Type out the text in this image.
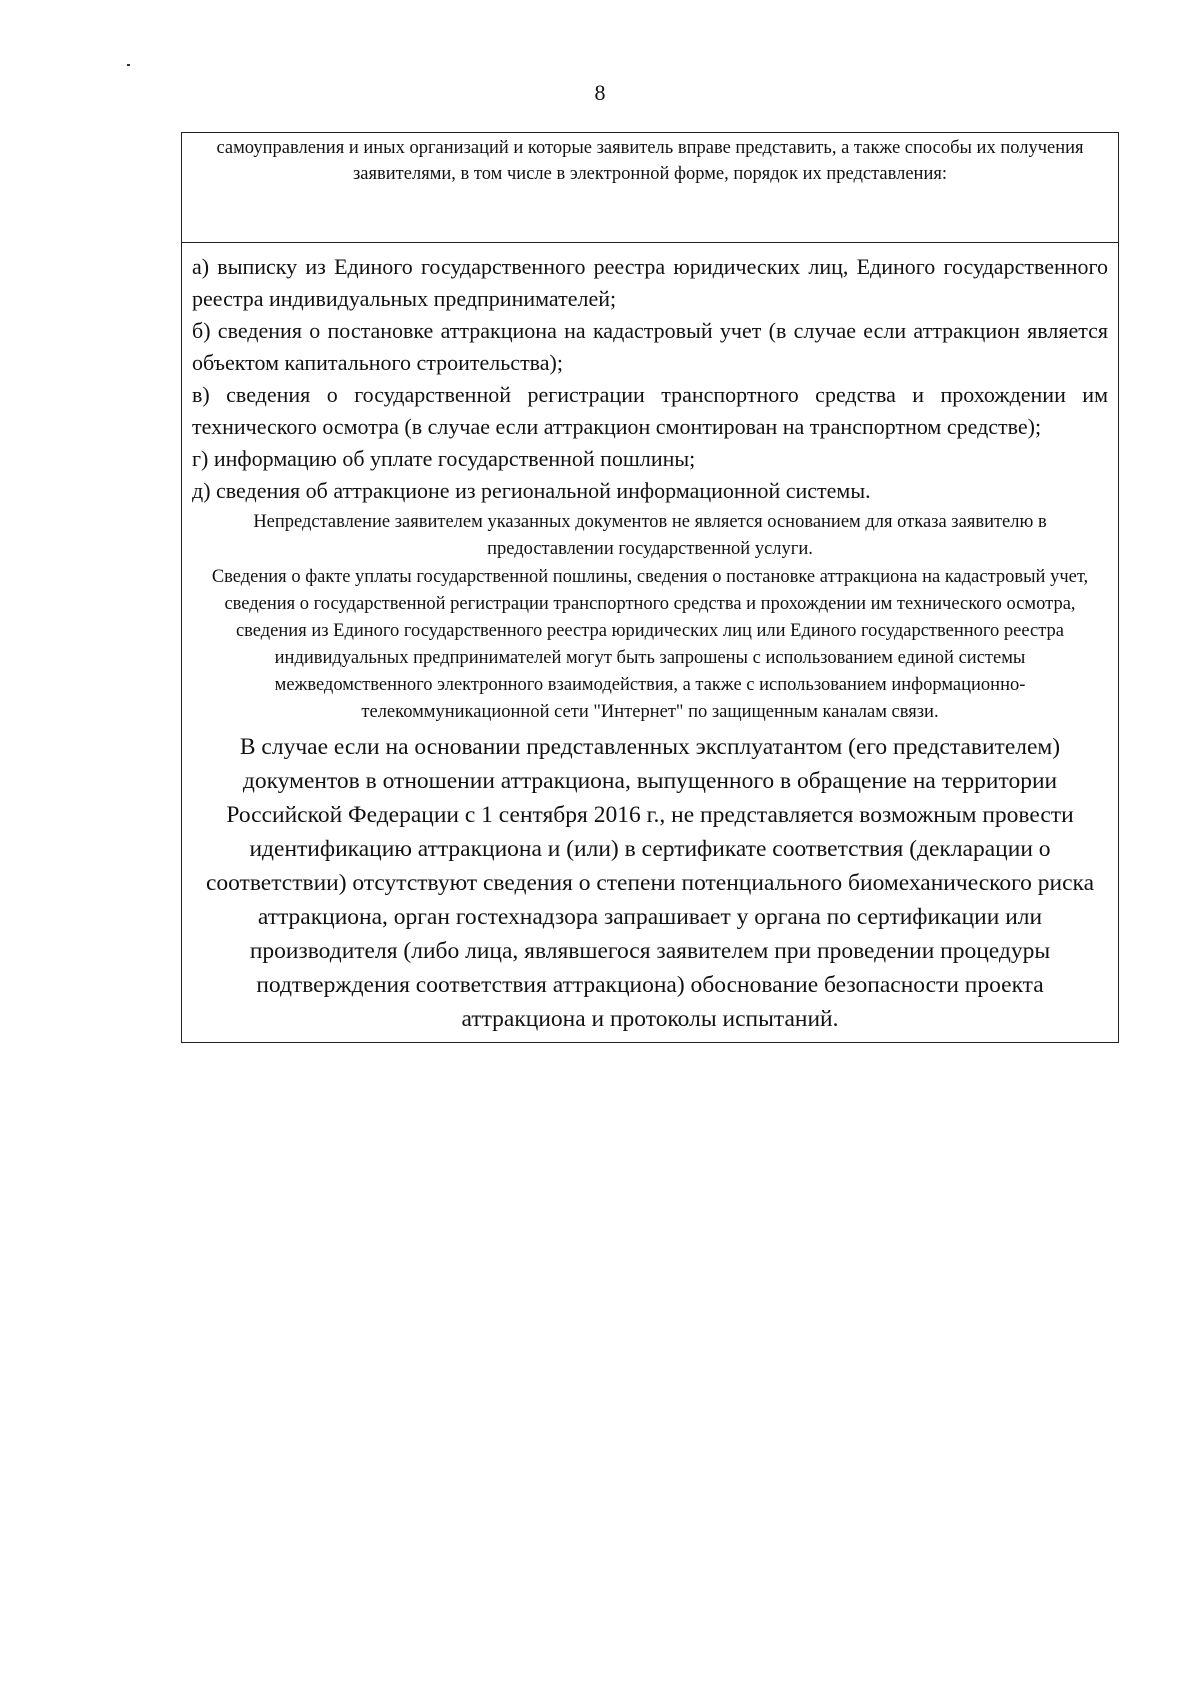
8
самоуправления и иных организаций и которые заявитель вправе представить, а также способы их получения заявителями, в том числе в электронной форме, порядок их представления:

а) выписку из Единого государственного реестра юридических лиц, Единого государственного реестра индивидуальных предпринимателей;

б) сведения о постановке аттракциона на кадастровый учет (в случае если аттракцион является объектом капитального строительства);

в) сведения о государственной регистрации транспортного средства и прохождении им технического осмотра (в случае если аттракцион смонтирован на транспортном средстве);

г) информацию об уплате государственной пошлины;

д) сведения об аттракционе из региональной информационной системы.

Непредставление заявителем указанных документов не является основанием для отказа заявителю в предоставлении государственной услуги.

Сведения о факте уплаты государственной пошлины, сведения о постановке аттракциона на кадастровый учет, сведения о государственной регистрации транспортного средства и прохождении им технического осмотра, сведения из Единого государственного реестра юридических лиц или Единого государственного реестра индивидуальных предпринимателей могут быть запрошены с использованием единой системы межведомственного электронного взаимодействия, а также с использованием информационно-телекоммуникационной сети "Интернет" по защищенным каналам связи.

В случае если на основании представленных эксплуатантом (его представителем) документов в отношении аттракциона, выпущенного в обращение на территории Российской Федерации с 1 сентября 2016 г., не представляется возможным провести идентификацию аттракциона и (или) в сертификате соответствия (декларации о соответствии) отсутствуют сведения о степени потенциального биомеханического риска аттракциона, орган гостехнадзора запрашивает у органа по сертификации или производителя (либо лица, являвшегося заявителем при проведении процедуры подтверждения соответствия аттракциона) обоснование безопасности проекта аттракциона и протоколы испытаний.
